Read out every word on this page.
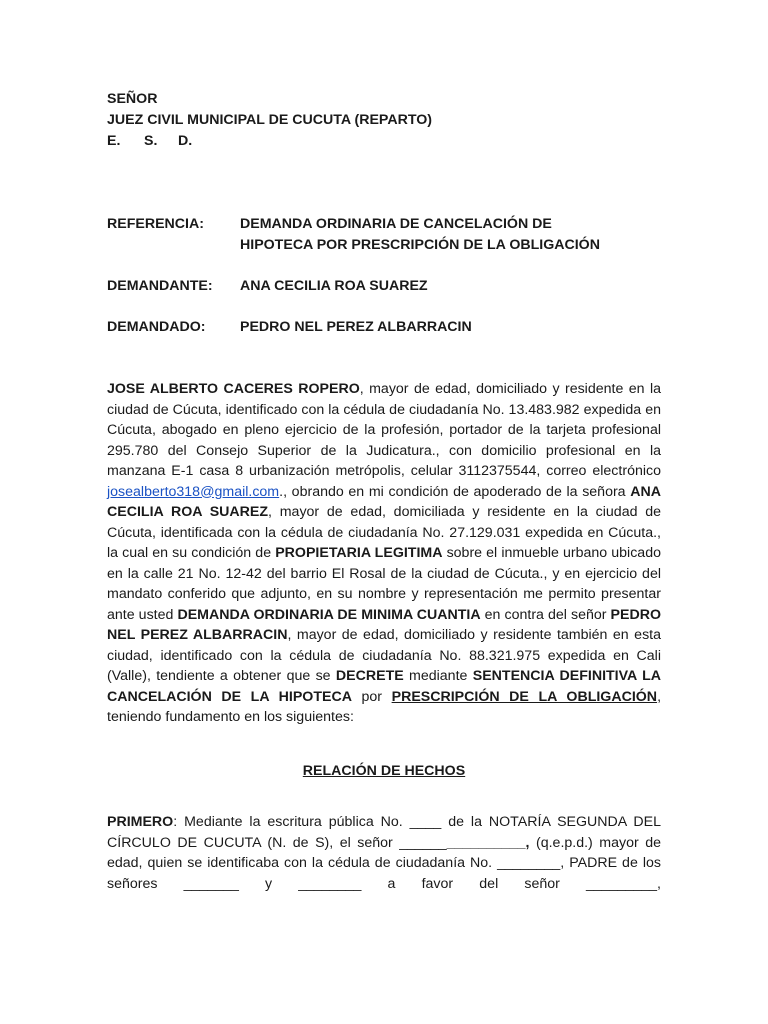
SEÑOR
JUEZ CIVIL MUNICIPAL DE CUCUTA (REPARTO)
E. S. D.
REFERENCIA:	DEMANDA ORDINARIA DE CANCELACIÓN DE
HIPOTECA POR PRESCRIPCIÓN DE LA OBLIGACIÓN
DEMANDANTE:	ANA CECILIA ROA SUAREZ
DEMANDADO:	PEDRO NEL PEREZ ALBARRACIN

JOSE ALBERTO CACERES ROPERO, mayor de edad, domiciliado y residente en la ciudad de Cúcuta, identificado con la cédula de ciudadanía No. 13.483.982 expedida en Cúcuta, abogado en pleno ejercicio de la profesión, portador de la tarjeta profesional 295.780 del Consejo Superior de la Judicatura., con domicilio profesional en la manzana E-1 casa 8 urbanización metrópolis, celular 3112375544, correo electrónico josealberto318@gmail.com., obrando en mi condición de apoderado de la señora ANA CECILIA ROA SUAREZ, mayor de edad, domiciliada y residente en la ciudad de Cúcuta, identificada con la cédula de ciudadanía No. 27.129.031 expedida en Cúcuta., la cual en su condición de PROPIETARIA LEGITIMA sobre el inmueble urbano ubicado en la calle 21 No. 12-42 del barrio El Rosal de la ciudad de Cúcuta., y en ejercicio del mandato conferido que adjunto, en su nombre y representación me permito presentar ante usted DEMANDA ORDINARIA DE MINIMA CUANTIA en contra del señor PEDRO NEL PEREZ ALBARRACIN, mayor de edad, domiciliado y residente también en esta ciudad, identificado con la cédula de ciudadanía No. 88.321.975 expedida en Cali (Valle), tendiente a obtener que se DECRETE mediante SENTENCIA DEFINITIVA LA CANCELACIÓN DE LA HIPOTECA por PRESCRIPCIÓN DE LA OBLIGACIÓN, teniendo fundamento en los siguientes:

RELACIÓN DE HECHOS

PRIMERO: Mediante la escritura pública No. ____ de la NOTARÍA SEGUNDA DEL CÍRCULO DE CUCUTA (N. de S), el señor ________________, (q.e.p.d.) mayor de edad, quien se identificaba con la cédula de ciudadanía No. ________, PADRE de los señores _______ y ________ a favor del señor _________,
